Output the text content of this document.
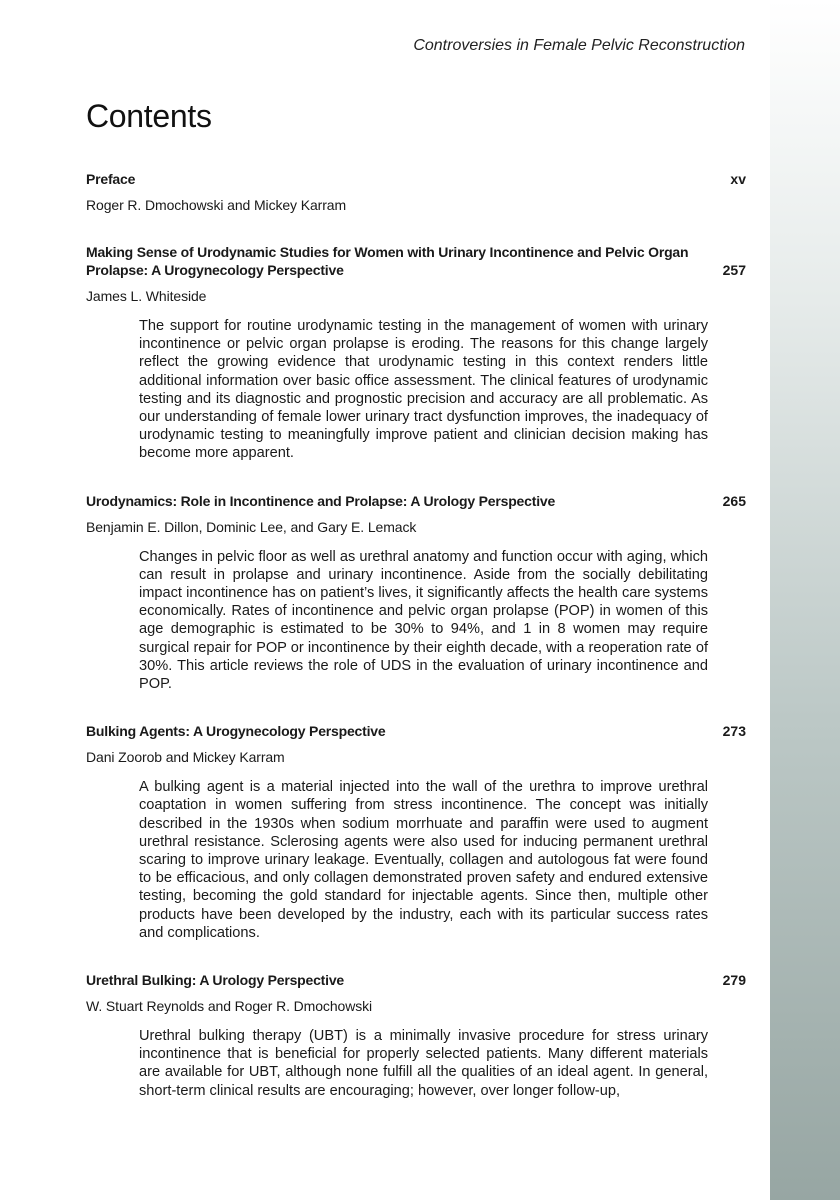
Controversies in Female Pelvic Reconstruction
Contents
Preface	xv
Roger R. Dmochowski and Mickey Karram
Making Sense of Urodynamic Studies for Women with Urinary Incontinence and Pelvic Organ Prolapse: A Urogynecology Perspective	257
James L. Whiteside

The support for routine urodynamic testing in the management of women with urinary incontinence or pelvic organ prolapse is eroding. The reasons for this change largely reflect the growing evidence that urodynamic testing in this context renders little additional information over basic office assessment. The clinical features of urodynamic testing and its diagnostic and prognostic precision and accuracy are all problematic. As our understanding of female lower urinary tract dysfunction improves, the inadequacy of urodynamic testing to meaningfully improve patient and clinician decision making has become more apparent.

Urodynamics: Role in Incontinence and Prolapse: A Urology Perspective	265
Benjamin E. Dillon, Dominic Lee, and Gary E. Lemack

Changes in pelvic floor as well as urethral anatomy and function occur with aging, which can result in prolapse and urinary incontinence. Aside from the socially debilitating impact incontinence has on patient’s lives, it significantly affects the health care systems economically. Rates of incontinence and pelvic organ prolapse (POP) in women of this age demographic is estimated to be 30% to 94%, and 1 in 8 women may require surgical repair for POP or incontinence by their eighth decade, with a reoperation rate of 30%. This article reviews the role of UDS in the evaluation of urinary incontinence and POP.

Bulking Agents: A Urogynecology Perspective	273
Dani Zoorob and Mickey Karram

A bulking agent is a material injected into the wall of the urethra to improve urethral coaptation in women suffering from stress incontinence. The concept was initially described in the 1930s when sodium morrhuate and paraffin were used to augment urethral resistance. Sclerosing agents were also used for inducing permanent urethral scaring to improve urinary leakage. Eventually, collagen and autologous fat were found to be efficacious, and only collagen demonstrated proven safety and endured extensive testing, becoming the gold standard for injectable agents. Since then, multiple other products have been developed by the industry, each with its particular success rates and complications.

Urethral Bulking: A Urology Perspective	279
W. Stuart Reynolds and Roger R. Dmochowski

Urethral bulking therapy (UBT) is a minimally invasive procedure for stress urinary incontinence that is beneficial for properly selected patients. Many different materials are available for UBT, although none fulfill all the qualities of an ideal agent. In general, short-term clinical results are encouraging; however, over longer follow-up,
